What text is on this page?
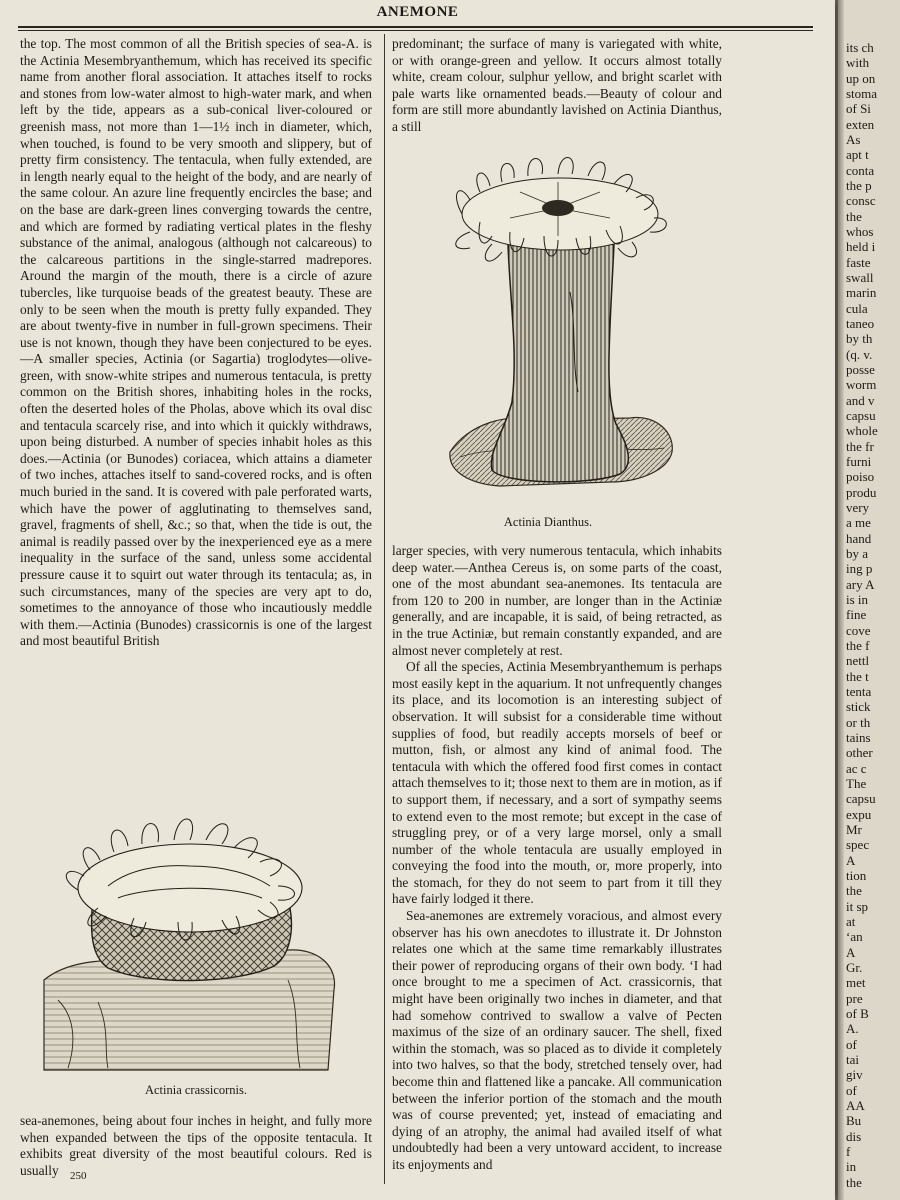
ANEMONE

the top. The most common of all the British species of sea-A. is the Actinia Mesembryanthemum, which has received its specific name from another floral association. It attaches itself to rocks and stones from low-water almost to high-water mark, and when left by the tide, appears as a sub-conical liver-coloured or greenish mass, not more than 1—1½ inch in diameter, which, when touched, is found to be very smooth and slippery, but of pretty firm consistency. The tentacula, when fully extended, are in length nearly equal to the height of the body, and are nearly of the same colour. An azure line frequently encircles the base; and on the base are dark-green lines converging towards the centre, and which are formed by radiating vertical plates in the fleshy substance of the animal, analogous (although not calcareous) to the calcareous partitions in the single-starred madrepores. Around the margin of the mouth, there is a circle of azure tubercles, like turquoise beads of the greatest beauty. These are only to be seen when the mouth is pretty fully expanded. They are about twenty-five in number in full-grown specimens. Their use is not known, though they have been conjectured to be eyes.—A smaller species, Actinia (or Sagartia) troglodytes—olive-green, with snow-white stripes and numerous tentacula, is pretty common on the British shores, inhabiting holes in the rocks, often the deserted holes of the Pholas, above which its oval disc and tentacula scarcely rise, and into which it quickly withdraws, upon being disturbed. A number of species inhabit holes as this does.—Actinia (or Bunodes) coriacea, which attains a diameter of two inches, attaches itself to sand-covered rocks, and is often much buried in the sand. It is covered with pale perforated warts, which have the power of agglutinating to themselves sand, gravel, fragments of shell, &c.; so that, when the tide is out, the animal is readily passed over by the inexperienced eye as a mere inequality in the surface of the sand, unless some accidental pressure cause it to squirt out water through its tentacula; as, in such circumstances, many of the species are very apt to do, sometimes to the annoyance of those who incautiously meddle with them.—Actinia (Bunodes) crassicornis is one of the largest and most beautiful British

predominant; the surface of many is variegated with white, or with orange-green and yellow. It occurs almost totally white, cream colour, sulphur yellow, and bright scarlet with pale warts like ornamented beads.—Beauty of colour and form are still more abundantly lavished on Actinia Dianthus, a still

Actinia Dianthus.

larger species, with very numerous tentacula, which inhabits deep water.—Anthea Cereus is, on some parts of the coast, one of the most abundant sea-anemones. Its tentacula are from 120 to 200 in number, are longer than in the Actiniæ generally, and are incapable, it is said, of being retracted, as in the true Actiniæ, but remain constantly expanded, and are almost never completely at rest.

Of all the species, Actinia Mesembryanthemum is perhaps most easily kept in the aquarium. It not unfrequently changes its place, and its locomotion is an interesting subject of observation. It will subsist for a considerable time without supplies of food, but readily accepts morsels of beef or mutton, fish, or almost any kind of animal food. The tentacula with which the offered food first comes in contact attach themselves to it; those next to them are in motion, as if to support them, if necessary, and a sort of sympathy seems to extend even to the most remote; but except in the case of struggling prey, or of a very large morsel, only a small number of the whole tentacula are usually employed in conveying the food into the mouth, or, more properly, into the stomach, for they do not seem to part from it till they have fairly lodged it there.

Sea-anemones are extremely voracious, and almost every observer has his own anecdotes to illustrate it. Dr Johnston relates one which at the same time remarkably illustrates their power of reproducing organs of their own body. ‘I had once brought to me a specimen of Act. crassicornis, that might have been originally two inches in diameter, and that had somehow contrived to swallow a valve of Pecten maximus of the size of an ordinary saucer. The shell, fixed within the stomach, was so placed as to divide it completely into two halves, so that the body, stretched tensely over, had become thin and flattened like a pancake. All communication between the inferior portion of the stomach and the mouth was of course prevented; yet, instead of emaciating and dying of an atrophy, the animal had availed itself of what undoubtedly had been a very untoward accident, to increase its enjoyments and

Actinia crassicornis.

sea-anemones, being about four inches in height, and fully more when expanded between the tips of the opposite tentacula. It exhibits great diversity of the most beautiful colours. Red is usually	250
its ch
with
up on
stoma
of Si
exten
As
apt t
conta
the p
consc
the
whos
held i
faste
swall
marin
cula
taneo
by th
(q. v.
posse
worm
and v
capsu
whole
the fr
furni
poiso
produ
very
a me
hand
by a
ing p
ary A
is in
fine
cove
the f
nettl
the t
tenta
stick
or th
tains
other
ac c
The
capsu
expu
Mr
spec
A
tion
the
it sp
at
‘an
A
Gr.
met
pre
of B
A.
of
tai
giv
of
AA
Bu
dis
f
in
the
